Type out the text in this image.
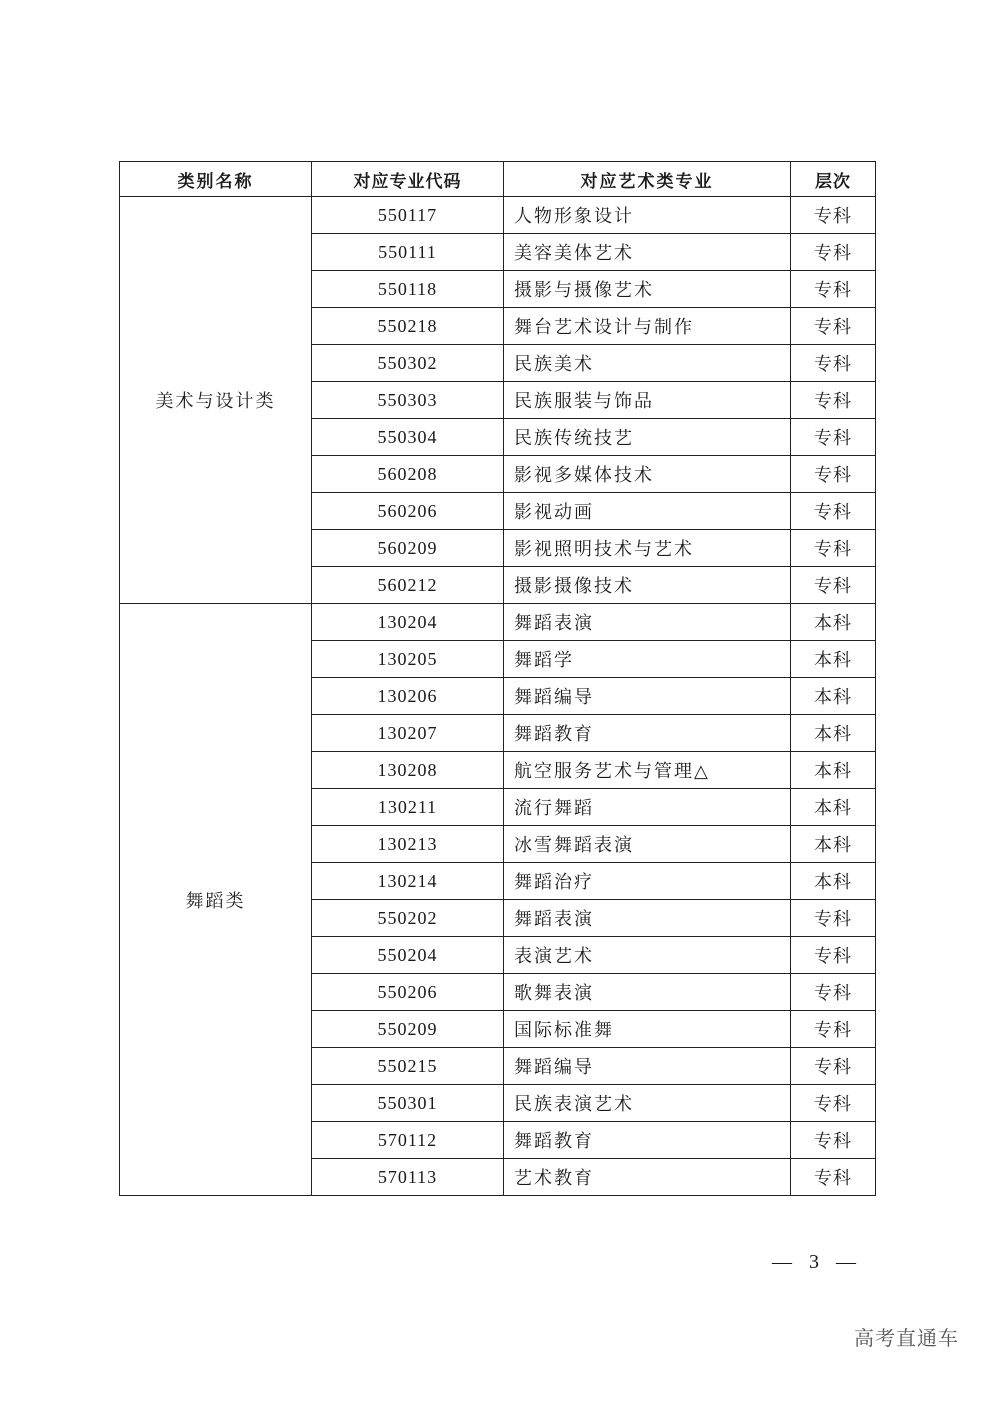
类别名称	对应专业代码	对应艺术类专业	层次
美术与设计类	550117	人物形象设计	专科
	550111	美容美体艺术	专科
	550118	摄影与摄像艺术	专科
	550218	舞台艺术设计与制作	专科
	550302	民族美术	专科
	550303	民族服装与饰品	专科
	550304	民族传统技艺	专科
	560208	影视多媒体技术	专科
	560206	影视动画	专科
	560209	影视照明技术与艺术	专科
	560212	摄影摄像技术	专科
舞蹈类	130204	舞蹈表演	本科
	130205	舞蹈学	本科
	130206	舞蹈编导	本科
	130207	舞蹈教育	本科
	130208	航空服务艺术与管理△	本科
	130211	流行舞蹈	本科
	130213	冰雪舞蹈表演	本科
	130214	舞蹈治疗	本科
	550202	舞蹈表演	专科
	550204	表演艺术	专科
	550206	歌舞表演	专科
	550209	国际标准舞	专科
	550215	舞蹈编导	专科
	550301	民族表演艺术	专科
	570112	舞蹈教育	专科
	570113	艺术教育	专科
— 3 —
高考直通车
